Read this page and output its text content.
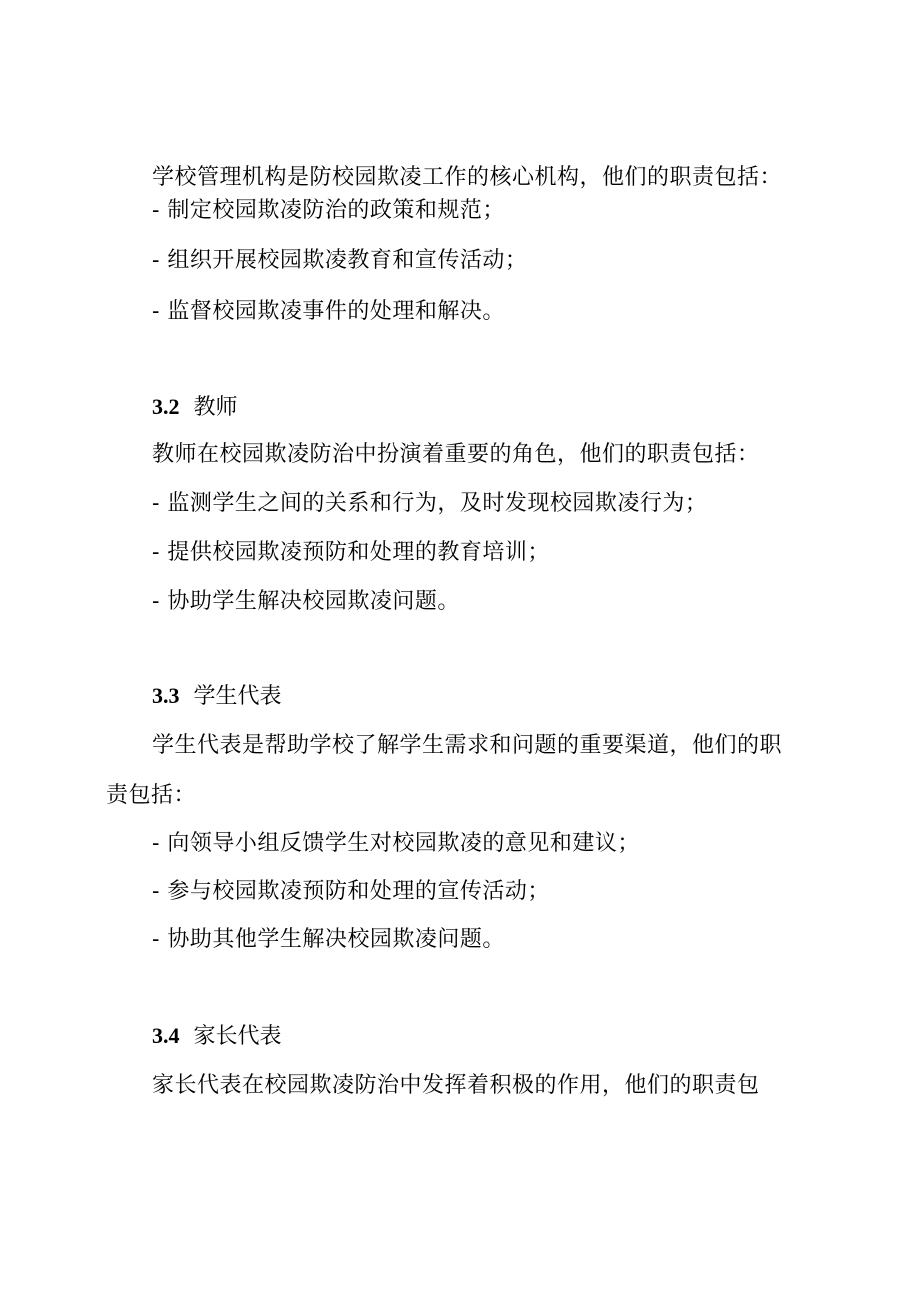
学校管理机构是防校园欺凌工作的核心机构，他们的职责包括：
- 制定校园欺凌防治的政策和规范；
- 组织开展校园欺凌教育和宣传活动；
- 监督校园欺凌事件的处理和解决。
3.2 教师
教师在校园欺凌防治中扮演着重要的角色，他们的职责包括：
- 监测学生之间的关系和行为，及时发现校园欺凌行为；
- 提供校园欺凌预防和处理的教育培训；
- 协助学生解决校园欺凌问题。
3.3 学生代表
学生代表是帮助学校了解学生需求和问题的重要渠道，他们的职
责包括：
- 向领导小组反馈学生对校园欺凌的意见和建议；
- 参与校园欺凌预防和处理的宣传活动；
- 协助其他学生解决校园欺凌问题。
3.4 家长代表
家长代表在校园欺凌防治中发挥着积极的作用，他们的职责包
